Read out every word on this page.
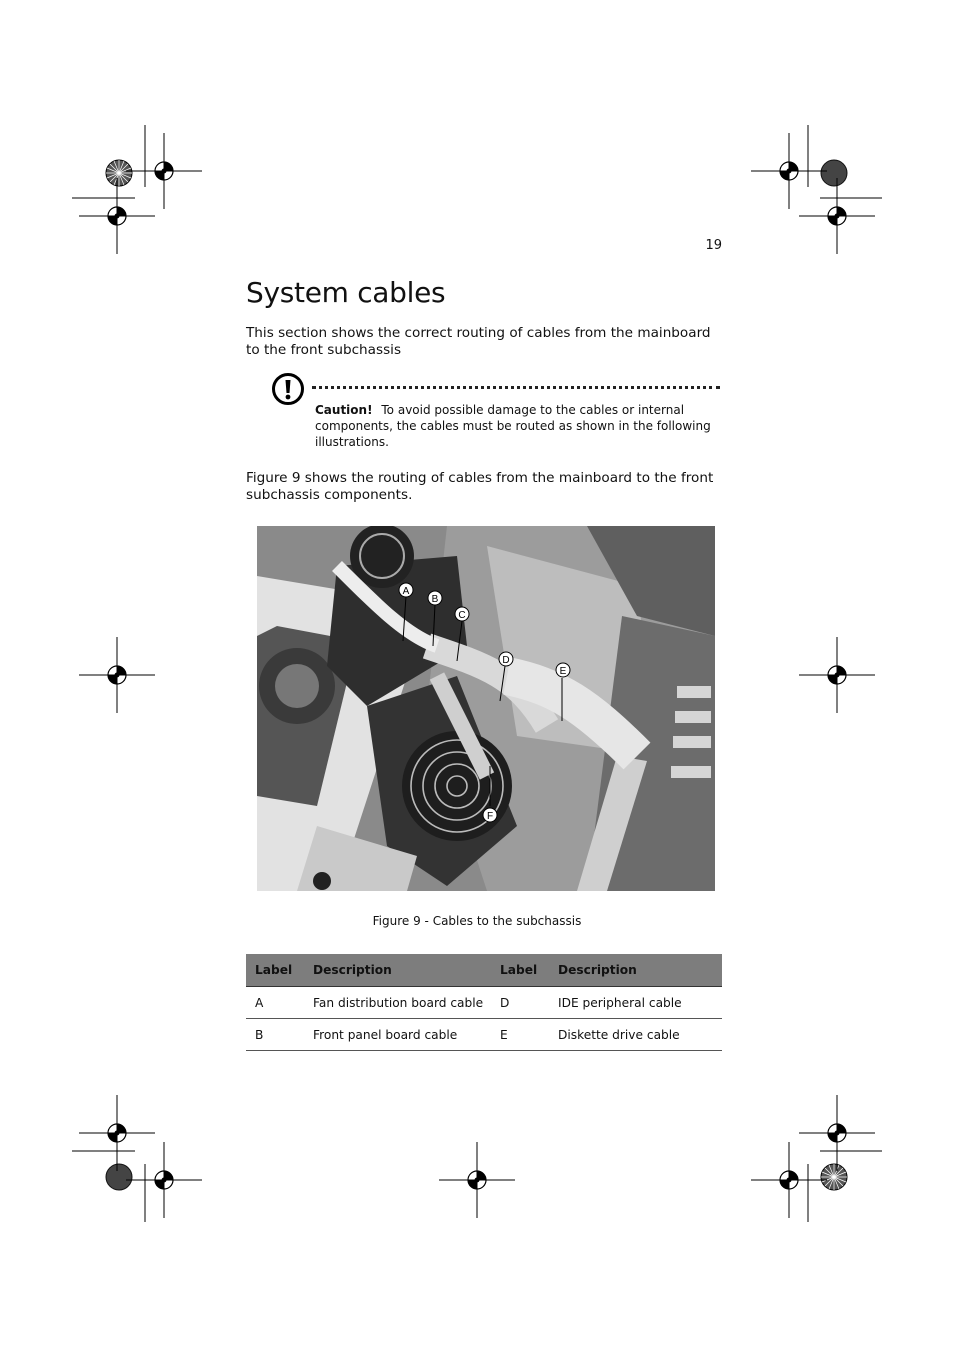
19
System cables

This section shows the correct routing of cables from the mainboard to the front subchassis

Caution! To avoid possible damage to the cables or internal components, the cables must be routed as shown in the following illustrations.

Figure 9 shows the routing of cables from the mainboard to the front subchassis components.

A
B
C
D
E
F
Figure 9 - Cables to the subchassis
Label	Description	Label	Description
A	Fan distribution board cable	D	IDE peripheral cable
B	Front panel board cable	E	Diskette drive cable
